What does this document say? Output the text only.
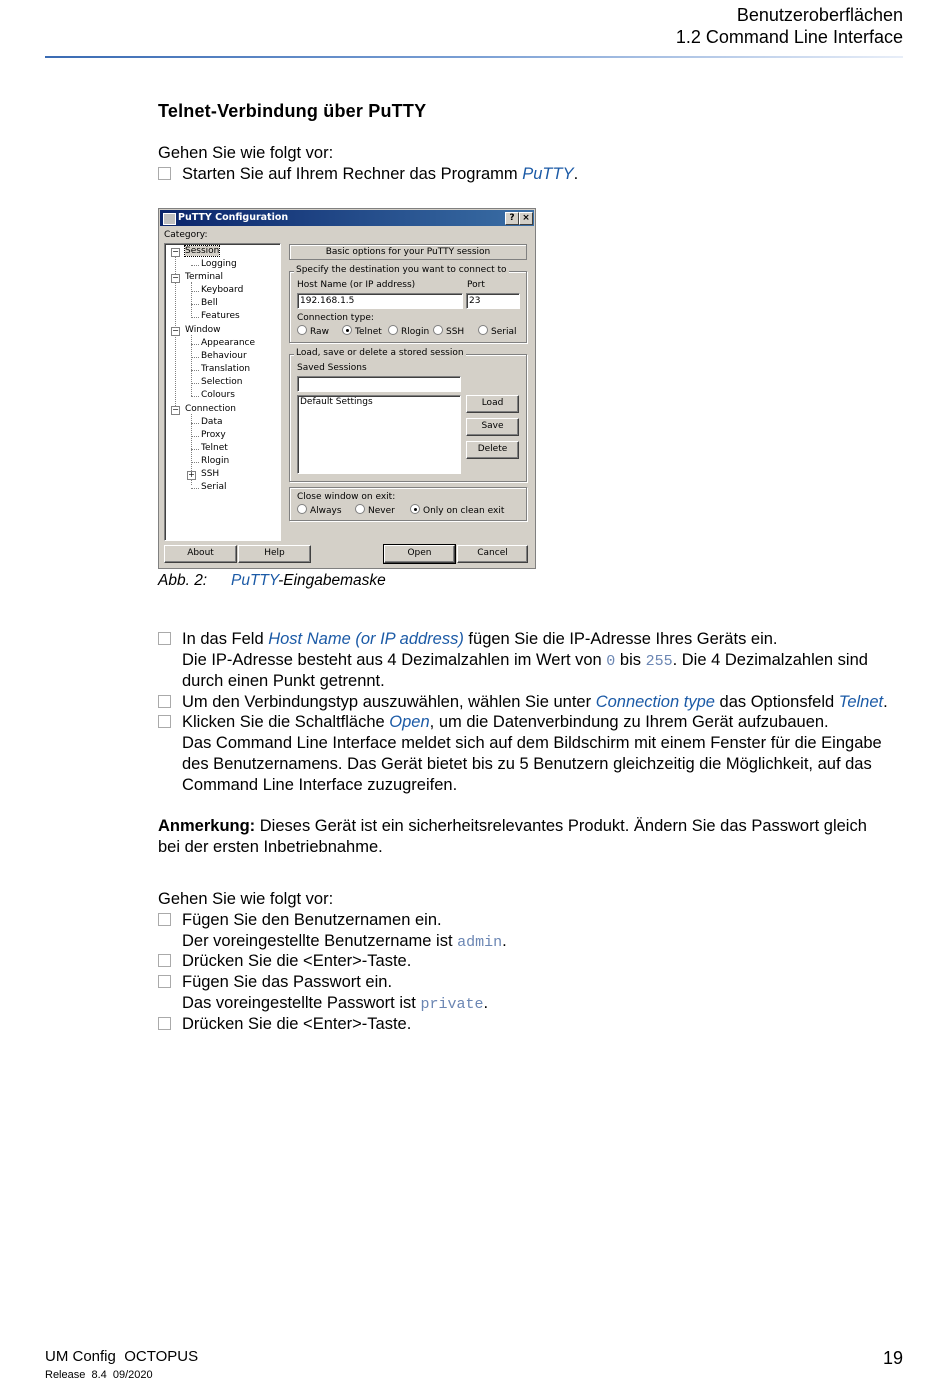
Benutzeroberflächen
1.2 Command Line Interface
Telnet-Verbindung über PuTTY
Gehen Sie wie folgt vor:
Starten Sie auf Ihrem Rechner das Programm PuTTY.
PuTTY Configuration	? ×
Category:
− Session
Logging
− Terminal
Keyboard
Bell
Features
− Window
Appearance
Behaviour
Translation
Selection
Colours
− Connection
Data
Proxy
Telnet
Rlogin
+ SSH
Serial
Basic options for your PuTTY session
Specify the destination you want to connect to
Host Name (or IP address)
192.168.1.5
Port
23
Connection type:
Raw	Telnet	Rlogin	SSH	Serial
Load, save or delete a stored session
Saved Sessions
Default Settings	Load
Save
Delete
Close window on exit:
Always	Never	Only on clean exit
About	Help	Open	Cancel
Abb. 2: PuTTY-Eingabemaske
In das Feld Host Name (or IP address) fügen Sie die IP-Adresse Ihres Geräts ein.
Die IP-Adresse besteht aus 4 Dezimalzahlen im Wert von 0 bis 255. Die 4 Dezimalzahlen sind
durch einen Punkt getrennt.
Um den Verbindungstyp auszuwählen, wählen Sie unter Connection type das Optionsfeld Telnet.
Klicken Sie die Schaltfläche Open, um die Datenverbindung zu Ihrem Gerät aufzubauen.
Das Command Line Interface meldet sich auf dem Bildschirm mit einem Fenster für die Eingabe
des Benutzernamens. Das Gerät bietet bis zu 5 Benutzern gleichzeitig die Möglichkeit, auf das
Command Line Interface zuzugreifen.
Anmerkung: Dieses Gerät ist ein sicherheitsrelevantes Produkt. Ändern Sie das Passwort gleich
bei der ersten Inbetriebnahme.
Gehen Sie wie folgt vor:
Fügen Sie den Benutzernamen ein.
Der voreingestellte Benutzername ist admin.
Drücken Sie die <Enter>-Taste.
Fügen Sie das Passwort ein.
Das voreingestellte Passwort ist private.
Drücken Sie die <Enter>-Taste.
UM Config  OCTOPUS
Release  8.4  09/2020
19
